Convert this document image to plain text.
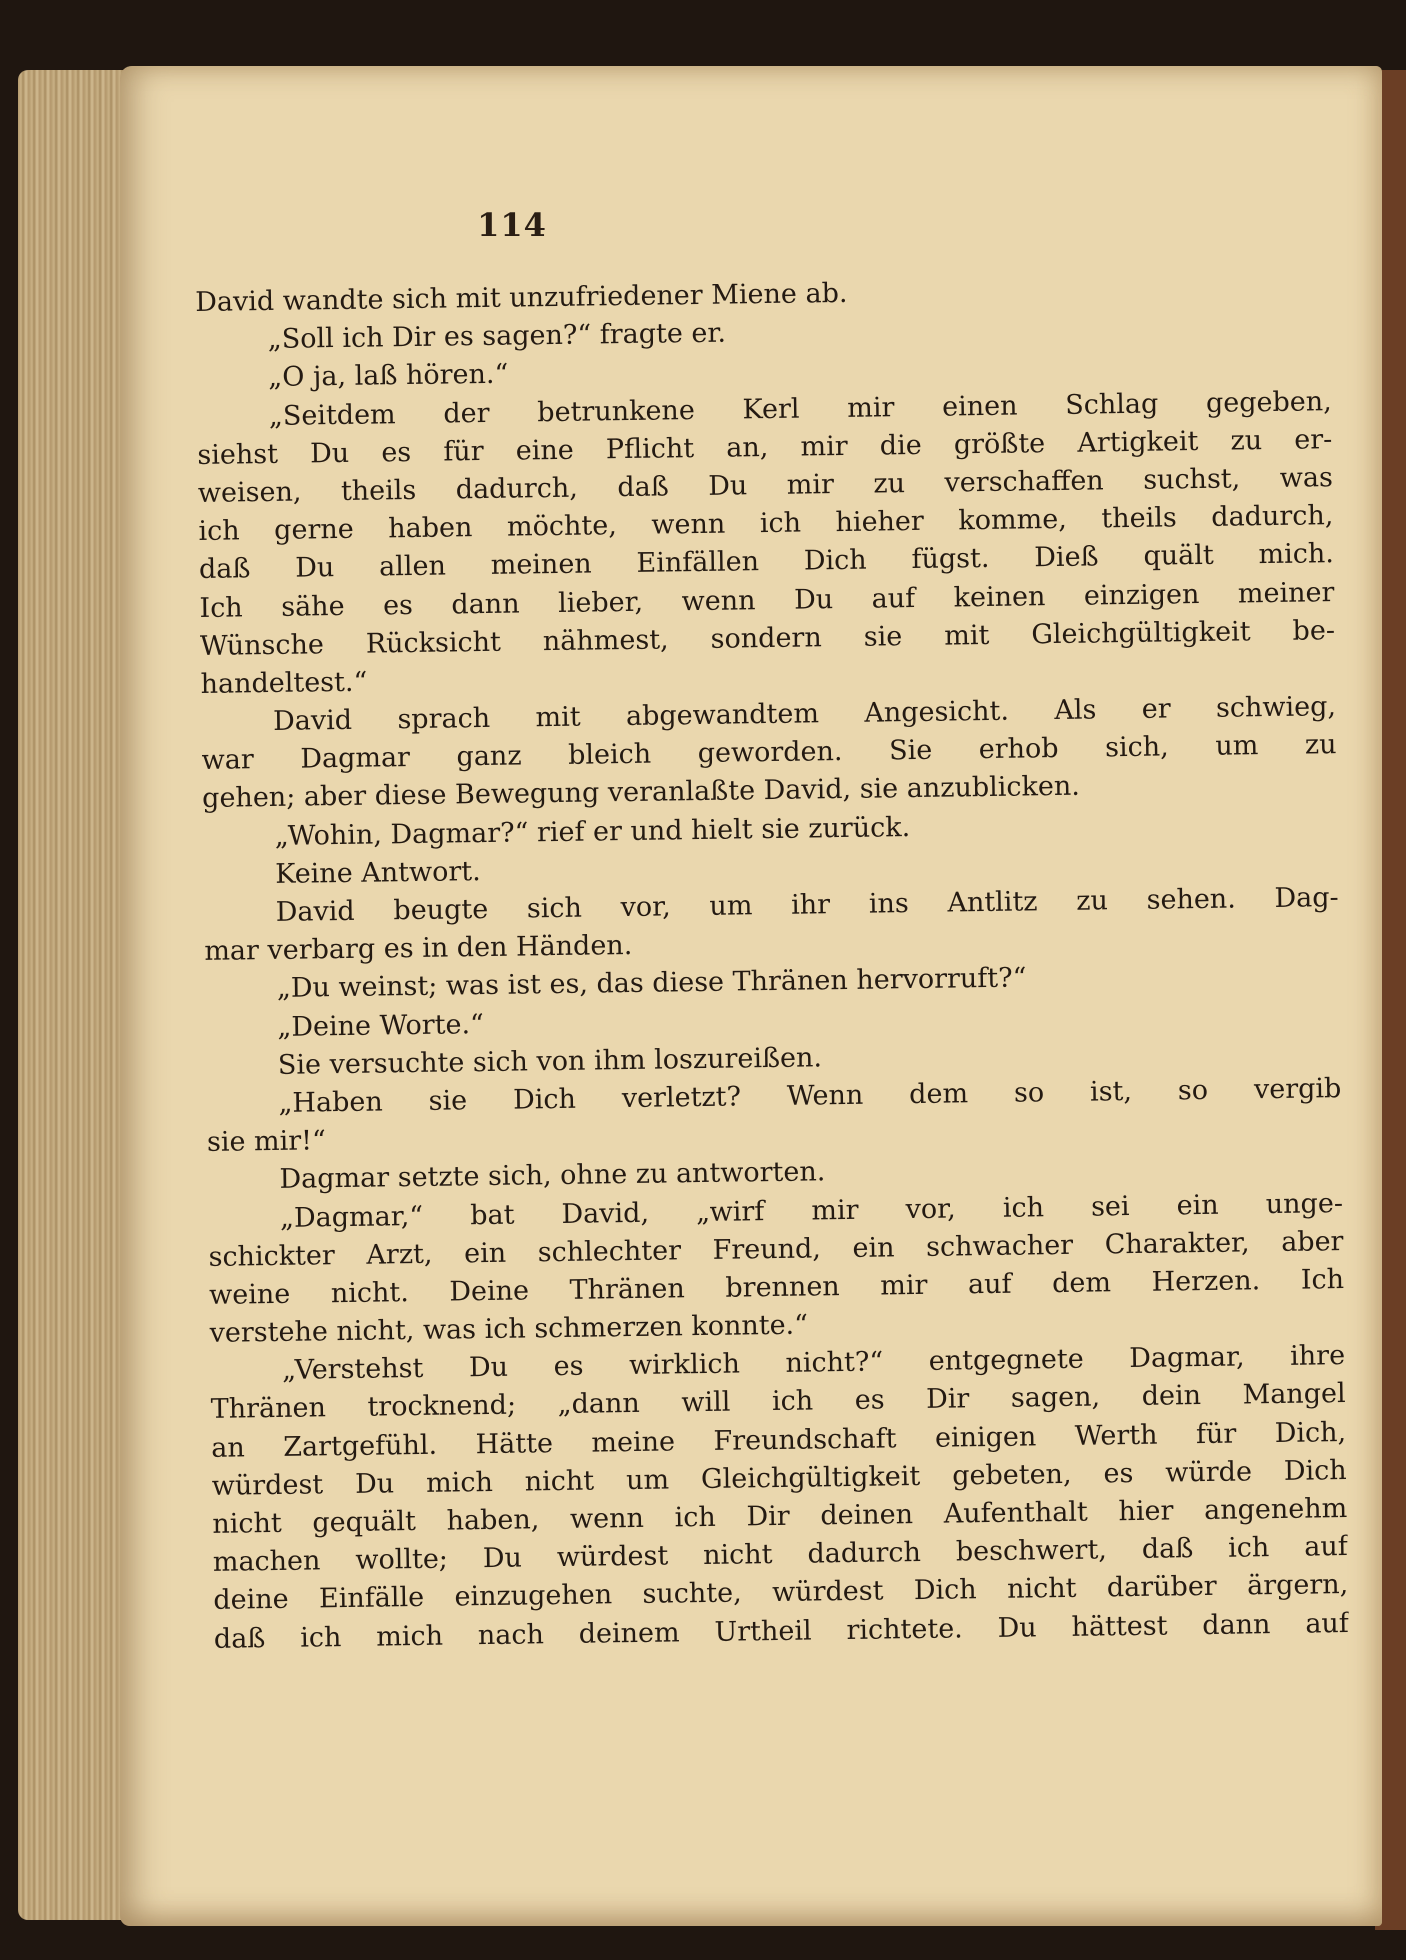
114
David wandte sich mit unzufriedener Miene ab.
„Soll ich Dir es sagen?“ fragte er.
„O ja, laß hören.“
„Seitdem der betrunkene Kerl mir einen Schlag gegeben,
siehst Du es für eine Pflicht an, mir die größte Artigkeit zu er-
weisen, theils dadurch, daß Du mir zu verschaffen suchst, was
ich gerne haben möchte, wenn ich hieher komme, theils dadurch,
daß Du allen meinen Einfällen Dich fügst. Dieß quält mich.
Ich sähe es dann lieber, wenn Du auf keinen einzigen meiner
Wünsche Rücksicht nähmest, sondern sie mit Gleichgültigkeit be-
handeltest.“
David sprach mit abgewandtem Angesicht. Als er schwieg,
war Dagmar ganz bleich geworden. Sie erhob sich, um zu
gehen; aber diese Bewegung veranlaßte David, sie anzublicken.
„Wohin, Dagmar?“ rief er und hielt sie zurück.
Keine Antwort.
David beugte sich vor, um ihr ins Antlitz zu sehen. Dag-
mar verbarg es in den Händen.
„Du weinst; was ist es, das diese Thränen hervorruft?“
„Deine Worte.“
Sie versuchte sich von ihm loszureißen.
„Haben sie Dich verletzt? Wenn dem so ist, so vergib
sie mir!“
Dagmar setzte sich, ohne zu antworten.
„Dagmar,“ bat David, „wirf mir vor, ich sei ein unge-
schickter Arzt, ein schlechter Freund, ein schwacher Charakter, aber
weine nicht. Deine Thränen brennen mir auf dem Herzen. Ich
verstehe nicht, was ich schmerzen konnte.“
„Verstehst Du es wirklich nicht?“ entgegnete Dagmar, ihre
Thränen trocknend; „dann will ich es Dir sagen, dein Mangel
an Zartgefühl. Hätte meine Freundschaft einigen Werth für Dich,
würdest Du mich nicht um Gleichgültigkeit gebeten, es würde Dich
nicht gequält haben, wenn ich Dir deinen Aufenthalt hier angenehm
machen wollte; Du würdest nicht dadurch beschwert, daß ich auf
deine Einfälle einzugehen suchte, würdest Dich nicht darüber ärgern,
daß ich mich nach deinem Urtheil richtete. Du hättest dann auf
